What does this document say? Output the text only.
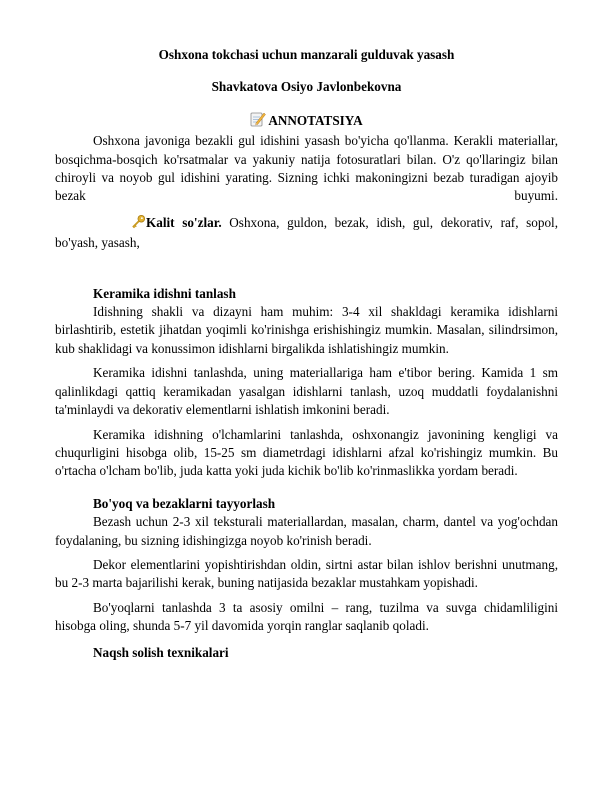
Oshxona tokchasi uchun manzarali gulduvak yasash

Shavkatova Osiyo Javlonbekovna

ANNOTATSIYA

Oshxona javoniga bezakli gul idishini yasash bo'yicha qo'llanma. Kerakli materiallar, bosqichma-bosqich ko'rsatmalar va yakuniy natija fotosuratlari bilan. O'z qo'llaringiz bilan chiroyli va noyob gul idishini yarating. Sizning ichki makoningizni bezab turadigan ajoyib bezak buyumi.

Kalit so'zlar. Oshxona, guldon, bezak, idish, gul, dekorativ, raf, sopol, bo'yash, yasash,

Keramika idishni tanlash

Idishning shakli va dizayni ham muhim: 3-4 xil shakldagi keramika idishlarni birlashtirib, estetik jihatdan yoqimli ko'rinishga erishishingiz mumkin. Masalan, silindrsimon, kub shaklidagi va konussimon idishlarni birgalikda ishlatishingiz mumkin.

Keramika idishni tanlashda, uning materiallariga ham e'tibor bering. Kamida 1 sm qalinlikdagi qattiq keramikadan yasalgan idishlarni tanlash, uzoq muddatli foydalanishni ta'minlaydi va dekorativ elementlarni ishlatish imkonini beradi.

Keramika idishning o'lchamlarini tanlashda, oshxonangiz javonining kengligi va chuqurligini hisobga olib, 15-25 sm diametrdagi idishlarni afzal ko'rishingiz mumkin. Bu o'rtacha o'lcham bo'lib, juda katta yoki juda kichik bo'lib ko'rinmaslikka yordam beradi.

Bo'yoq va bezaklarni tayyorlash

Bezash uchun 2-3 xil teksturali materiallardan, masalan, charm, dantel va yog'ochdan foydalaning, bu sizning idishingizga noyob ko'rinish beradi.

Dekor elementlarini yopishtirishdan oldin, sirtni astar bilan ishlov berishni unutmang, bu 2-3 marta bajarilishi kerak, buning natijasida bezaklar mustahkam yopishadi.

Bo'yoqlarni tanlashda 3 ta asosiy omilni – rang, tuzilma va suvga chidamliligini hisobga oling, shunda 5-7 yil davomida yorqin ranglar saqlanib qoladi.

Naqsh solish texnikalari
